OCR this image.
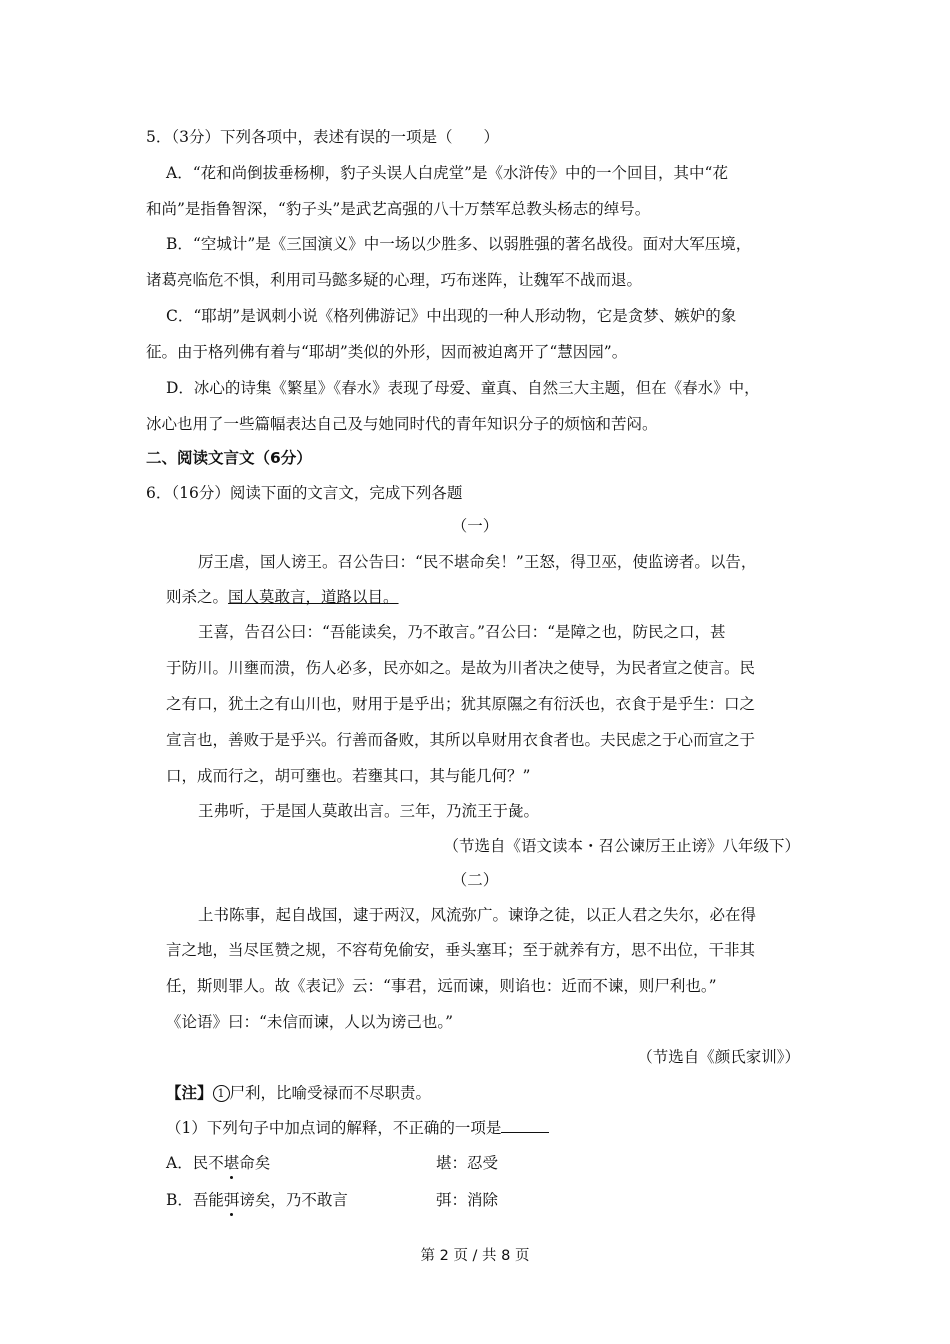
5．（3分）下列各项中，表述有误的一项是（　　）
A．“花和尚倒拔垂杨柳，豹子头误人白虎堂”是《水浒传》中的一个回目，其中“花
和尚”是指鲁智深，“豹子头”是武艺高强的八十万禁军总教头杨志的绰号。
B．“空城计”是《三国演义》中一场以少胜多、以弱胜强的著名战役。面对大军压境，
诸葛亮临危不惧，利用司马懿多疑的心理，巧布迷阵，让魏军不战而退。
C．“耶胡”是讽刺小说《格列佛游记》中出现的一种人形动物，它是贪梦、嫉妒的象
征。由于格列佛有着与“耶胡”类似的外形，因而被迫离开了“慧因园”。
D．冰心的诗集《繁星》《春水》表现了母爱、童真、自然三大主题，但在《春水》中，
冰心也用了一些篇幅表达自己及与她同时代的青年知识分子的烦恼和苦闷。
二、阅读文言文（6分）
6．（16分）阅读下面的文言文，完成下列各题
（一）
厉王虐，国人谤王。召公告曰：“民不堪命矣！”王怒，得卫巫，使监谤者。以告，
则杀之。国人莫敢言，道路以目。
王喜，告召公曰：“吾能读矣，乃不敢言。”召公曰：“是障之也，防民之口，甚
于防川。川壅而溃，伤人必多，民亦如之。是故为川者决之使导，为民者宣之使言。民
之有口，犹土之有山川也，财用于是乎出；犹其原隰之有衍沃也，衣食于是乎生：口之
宣言也，善败于是乎兴。行善而备败，其所以阜财用衣食者也。夫民虑之于心而宣之于
口，成而行之，胡可壅也。若壅其口，其与能几何？”
王弗听，于是国人莫敢出言。三年，乃流王于彘。
（节选自《语文读本・召公谏厉王止谤》八年级下）
（二）
上书陈事，起自战国，逮于两汉，风流弥广。谏诤之徒，以正人君之失尔，必在得
言之地，当尽匡赞之规，不容苟免偷安，垂头塞耳；至于就养有方，思不出位，干非其
任，斯则罪人。故《表记》云：“事君，远而谏，则谄也：近而不谏，则尸利也。”
《论语》曰：“未信而谏，人以为谤己也。”
（节选自《颜氏家训》）
【注】 1 尸利，比喻受禄而不尽职责。
（1）下列句子中加点词的解释，不正确的一项是
A．民不堪命矣	堪：忍受
B．吾能弭谤矣，乃不敢言	弭：消除
第 2 页 / 共 8 页
